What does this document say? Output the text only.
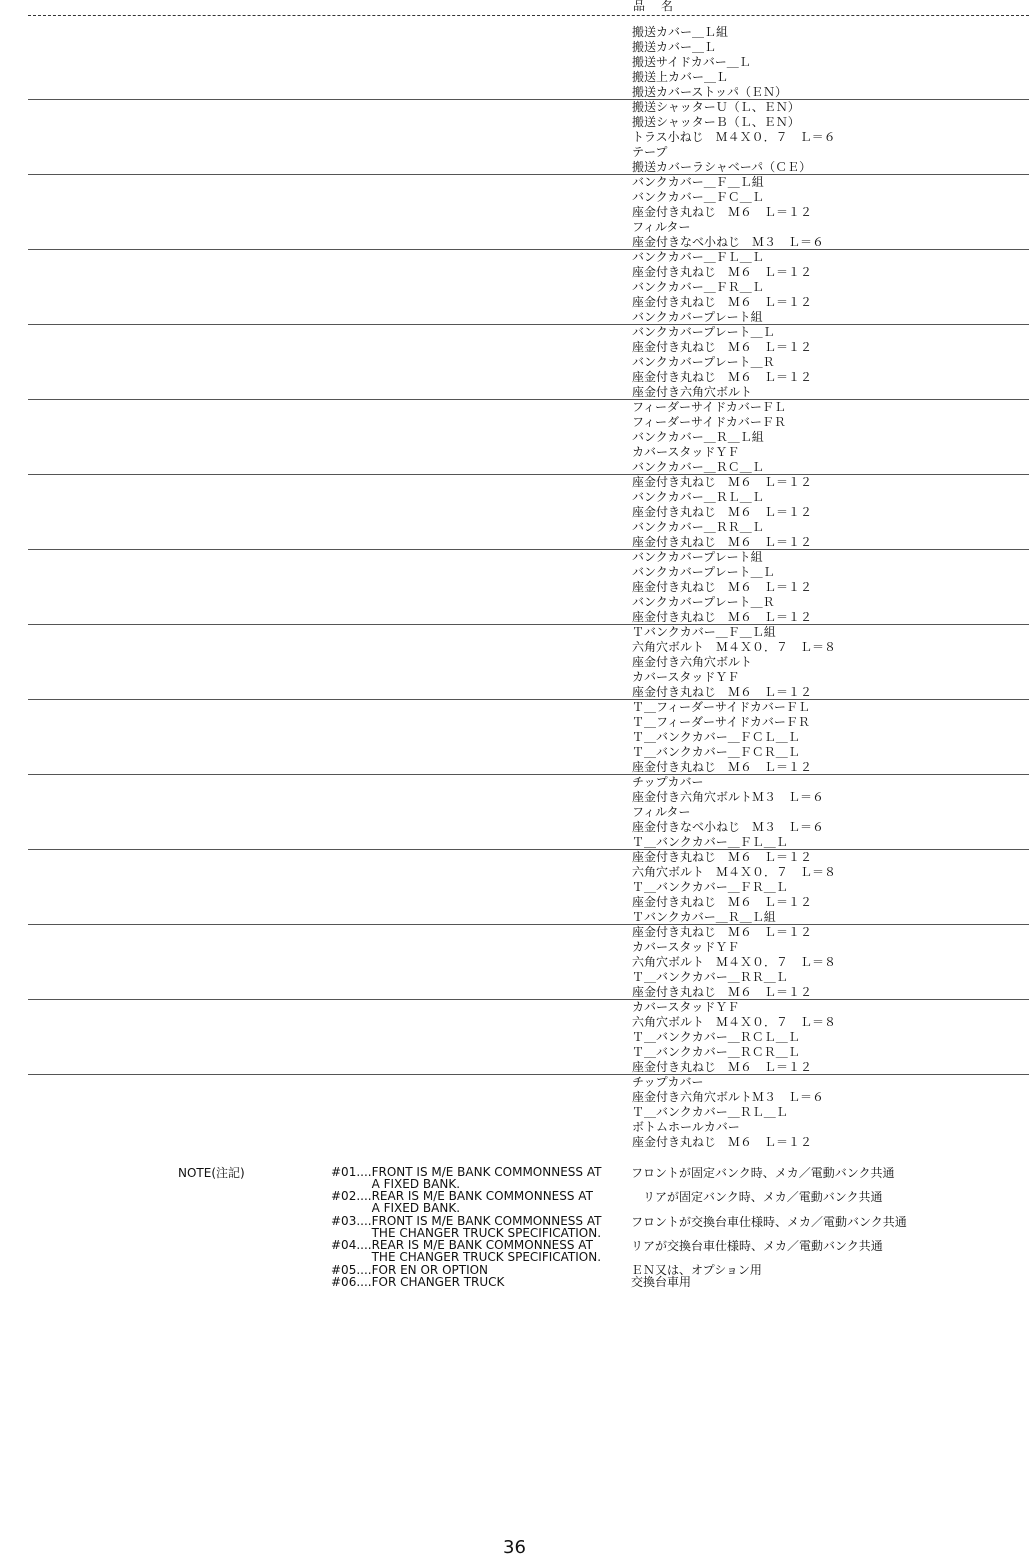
品　名
搬送カバー＿Ｌ組
搬送カバー＿Ｌ
搬送サイドカバー＿Ｌ
搬送上カバー＿Ｌ
搬送カバーストッパ（ＥＮ）
搬送シャッターＵ（Ｌ、ＥＮ）
搬送シャッターＢ（Ｌ、ＥＮ）
トラス小ねじ　Ｍ４Ｘ０．７　Ｌ＝６
テープ
搬送カバーラシャベーパ（ＣＥ）
バンクカバー＿Ｆ＿Ｌ組
バンクカバー＿ＦＣ＿Ｌ
座金付き丸ねじ　Ｍ６　Ｌ＝１２
フィルター
座金付きなべ小ねじ　Ｍ３　Ｌ＝６
バンクカバー＿ＦＬ＿Ｌ
座金付き丸ねじ　Ｍ６　Ｌ＝１２
バンクカバー＿ＦＲ＿Ｌ
座金付き丸ねじ　Ｍ６　Ｌ＝１２
バンクカバープレート組
バンクカバープレート＿Ｌ
座金付き丸ねじ　Ｍ６　Ｌ＝１２
バンクカバープレート＿Ｒ
座金付き丸ねじ　Ｍ６　Ｌ＝１２
座金付き六角穴ボルト
フィーダーサイドカバーＦＬ
フィーダーサイドカバーＦＲ
バンクカバー＿Ｒ＿Ｌ組
カバースタッドＹＦ
バンクカバー＿ＲＣ＿Ｌ
座金付き丸ねじ　Ｍ６　Ｌ＝１２
バンクカバー＿ＲＬ＿Ｌ
座金付き丸ねじ　Ｍ６　Ｌ＝１２
バンクカバー＿ＲＲ＿Ｌ
座金付き丸ねじ　Ｍ６　Ｌ＝１２
バンクカバープレート組
バンクカバープレート＿Ｌ
座金付き丸ねじ　Ｍ６　Ｌ＝１２
バンクカバープレート＿Ｒ
座金付き丸ねじ　Ｍ６　Ｌ＝１２
Ｔバンクカバー＿Ｆ＿Ｌ組
六角穴ボルト　Ｍ４Ｘ０．７　Ｌ＝８
座金付き六角穴ボルト
カバースタッドＹＦ
座金付き丸ねじ　Ｍ６　Ｌ＝１２
Ｔ＿フィーダーサイドカバーＦＬ
Ｔ＿フィーダーサイドカバーＦＲ
Ｔ＿バンクカバー＿ＦＣＬ＿Ｌ
Ｔ＿バンクカバー＿ＦＣＲ＿Ｌ
座金付き丸ねじ　Ｍ６　Ｌ＝１２
チップカバー
座金付き六角穴ボルトＭ３　Ｌ＝６
フィルター
座金付きなべ小ねじ　Ｍ３　Ｌ＝６
Ｔ＿バンクカバー＿ＦＬ＿Ｌ
座金付き丸ねじ　Ｍ６　Ｌ＝１２
六角穴ボルト　Ｍ４Ｘ０．７　Ｌ＝８
Ｔ＿バンクカバー＿ＦＲ＿Ｌ
座金付き丸ねじ　Ｍ６　Ｌ＝１２
Ｔバンクカバー＿Ｒ＿Ｌ組
座金付き丸ねじ　Ｍ６　Ｌ＝１２
カバースタッドＹＦ
六角穴ボルト　Ｍ４Ｘ０．７　Ｌ＝８
Ｔ＿バンクカバー＿ＲＲ＿Ｌ
座金付き丸ねじ　Ｍ６　Ｌ＝１２
カバースタッドＹＦ
六角穴ボルト　Ｍ４Ｘ０．７　Ｌ＝８
Ｔ＿バンクカバー＿ＲＣＬ＿Ｌ
Ｔ＿バンクカバー＿ＲＣＲ＿Ｌ
座金付き丸ねじ　Ｍ６　Ｌ＝１２
チップカバー
座金付き六角穴ボルトＭ３　Ｌ＝６
Ｔ＿バンクカバー＿ＲＬ＿Ｌ
ボトムホールカバー
座金付き丸ねじ　Ｍ６　Ｌ＝１２
NOTE(注記)	#01.... FRONT IS M/E BANK COMMONNESS AT
A FIXED BANK.
フロントが固定バンク時、メカ／電動バンク共通
#02.... REAR IS M/E BANK COMMONNESS AT
A FIXED BANK.
　リアが固定バンク時、メカ／電動バンク共通
#03.... FRONT IS M/E BANK COMMONNESS AT
THE CHANGER TRUCK SPECIFICATION.
フロントが交換台車仕様時、メカ／電動バンク共通
#04.... REAR IS M/E BANK COMMONNESS AT
THE CHANGER TRUCK SPECIFICATION.
リアが交換台車仕様時、メカ／電動バンク共通
#05.... FOR EN OR OPTION	ＥＮ又は、オプション用
#06.... FOR CHANGER TRUCK	交換台車用
36
